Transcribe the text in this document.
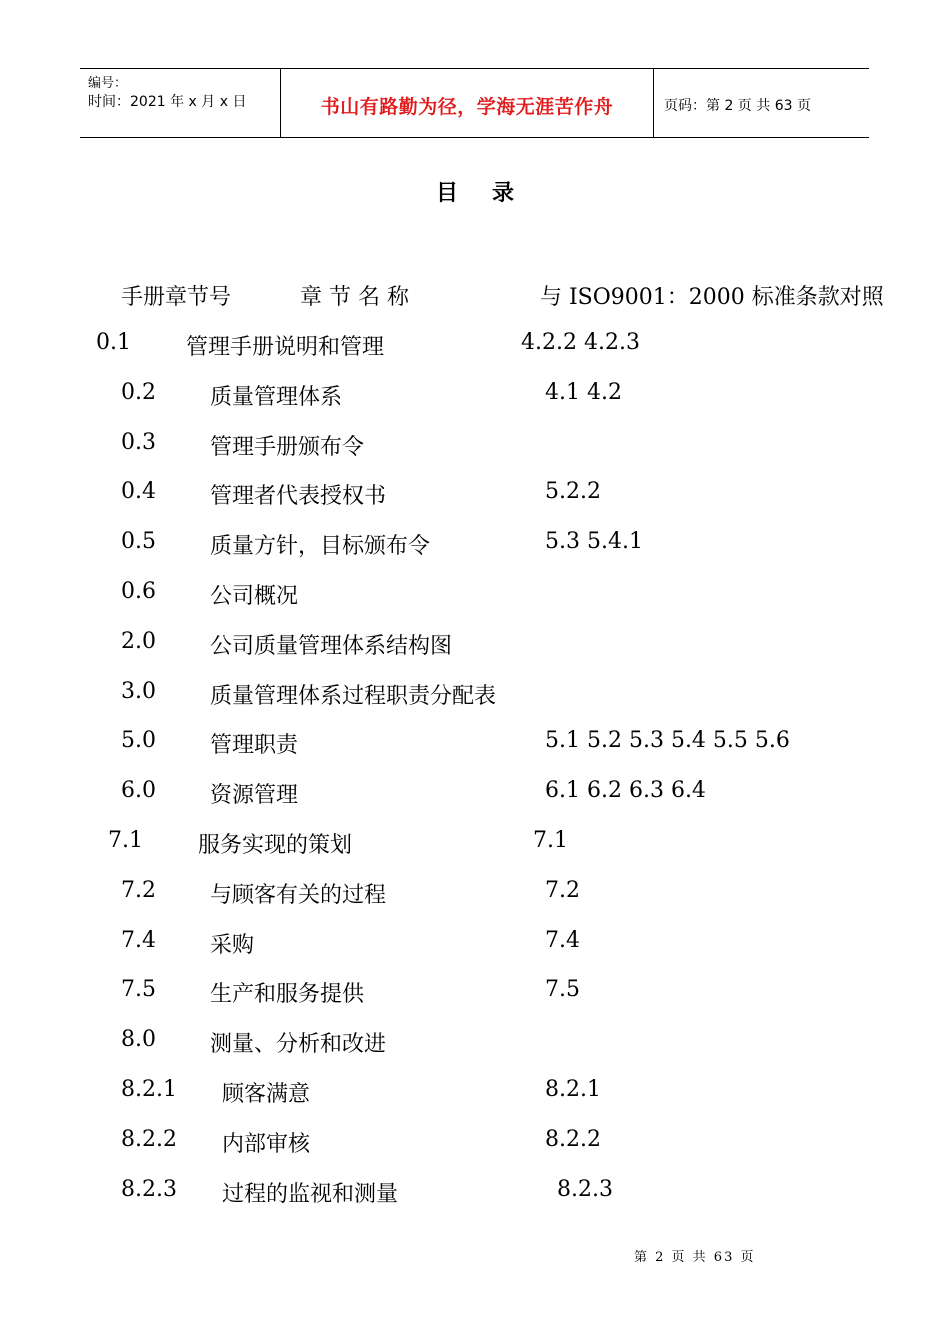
编号：
时间：2021 年 x 月 x 日	书山有路勤为径，学海无涯苦作舟	页码：第 2 页 共 63 页
目录
手册章节号	章 节 名 称	与 ISO9001：2000 标准条款对照
0.1	管理手册说明和管理	4.2.2 4.2.3
0.2 质量管理体系	4.1 4.2
0.3 管理手册颁布令
0.4 管理者代表授权书	5.2.2
0.5 质量方针，目标颁布令	5.3 5.4.1
0.6 公司概况
2.0 公司质量管理体系结构图
3.0 质量管理体系过程职责分配表
5.0 管理职责	5.1 5.2 5.3 5.4 5.5 5.6
6.0 资源管理	6.1 6.2 6.3 6.4
7.1	服务实现的策划	7.1
7.2 与顾客有关的过程	7.2
7.4 采购	7.4
7.5 生产和服务提供	7.5
8.0 测量、分析和改进
8.2.1 顾客满意	8.2.1
8.2.2 内部审核	8.2.2
8.2.3 过程的监视和测量	8.2.3
第 2 页 共 63 页
